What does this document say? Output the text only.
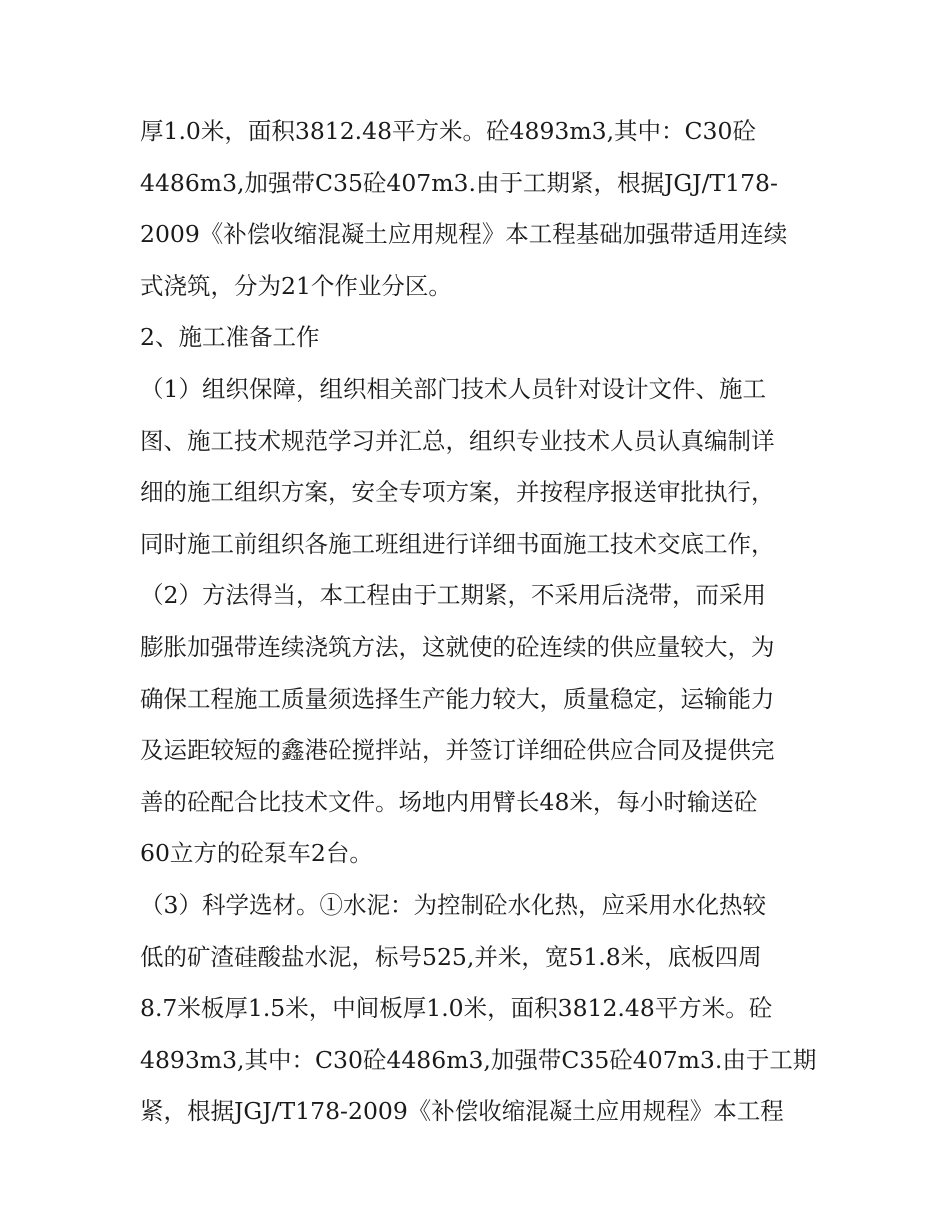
厚1.0米，面积3812.48平方米。砼4893m3,其中：C30砼
4486m3,加强带C35砼407m3.由于工期紧，根据JGJ/T178-
2009《补偿收缩混凝土应用规程》本工程基础加强带适用连续
式浇筑，分为21个作业分区。
2、施工准备工作
（1）组织保障，组织相关部门技术人员针对设计文件、施工
图、施工技术规范学习并汇总，组织专业技术人员认真编制详
细的施工组织方案，安全专项方案，并按程序报送审批执行，
同时施工前组织各施工班组进行详细书面施工技术交底工作，
（2）方法得当，本工程由于工期紧，不采用后浇带，而采用
膨胀加强带连续浇筑方法，这就使的砼连续的供应量较大，为
确保工程施工质量须选择生产能力较大，质量稳定，运输能力
及运距较短的鑫港砼搅拌站，并签订详细砼供应合同及提供完
善的砼配合比技术文件。场地内用臂长48米，每小时输送砼
60立方的砼泵车2台。
（3）科学选材。①水泥：为控制砼水化热，应采用水化热较
低的矿渣硅酸盐水泥，标号525,并米，宽51.8米，底板四周
8.7米板厚1.5米，中间板厚1.0米，面积3812.48平方米。砼
4893m3,其中：C30砼4486m3,加强带C35砼407m3.由于工期
紧，根据JGJ/T178-2009《补偿收缩混凝土应用规程》本工程
